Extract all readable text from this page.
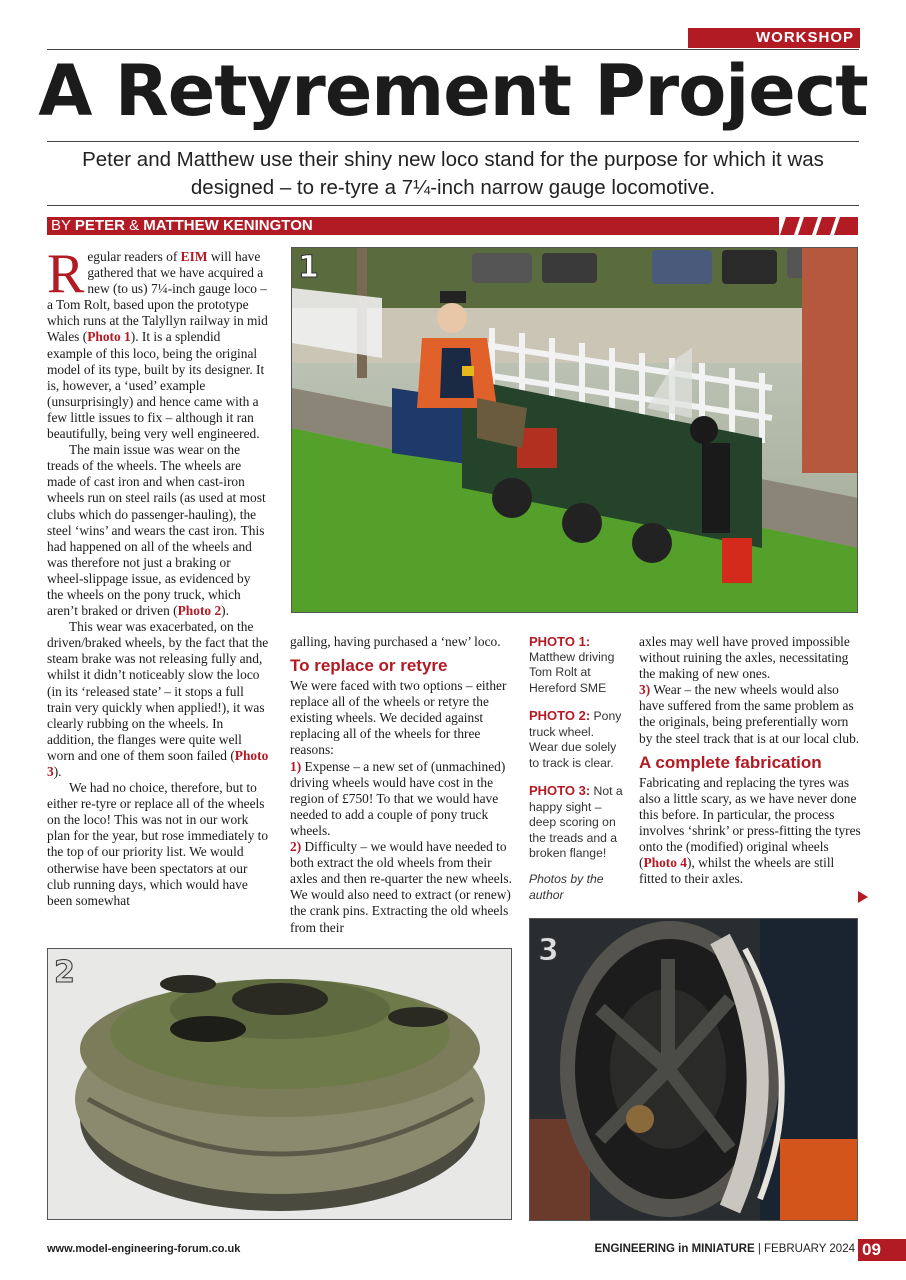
WORKSHOP
A Retyrement Project
Peter and Matthew use their shiny new loco stand for the purpose for which it was
designed – to re-tyre a 7¼-inch narrow gauge locomotive.
BY PETER & MATTHEW KENINGTON

Regular readers of EIM will have gathered that we have acquired a new (to us) 7¼-inch gauge loco – a Tom Rolt, based upon the prototype which runs at the Talyllyn railway in mid Wales (Photo 1). It is a splendid example of this loco, being the original model of its type, built by its designer. It is, however, a ‘used’ example (unsurprisingly) and hence came with a few little issues to fix – although it ran beautifully, being very well engineered.

The main issue was wear on the treads of the wheels. The wheels are made of cast iron and when cast-iron wheels run on steel rails (as used at most clubs which do passenger-hauling), the steel ‘wins’ and wears the cast iron. This had happened on all of the wheels and was therefore not just a braking or wheel-slippage issue, as evidenced by the wheels on the pony truck, which aren’t braked or driven (Photo 2).

This wear was exacerbated, on the driven/braked wheels, by the fact that the steam brake was not releasing fully and, whilst it didn’t noticeably slow the loco (in its ‘released state’ – it stops a full train very quickly when applied!), it was clearly rubbing on the wheels. In addition, the flanges were quite well worn and one of them soon failed (Photo 3).

We had no choice, therefore, but to either re-tyre or replace all of the wheels on the loco! This was not in our work plan for the year, but rose immediately to the top of our priority list. We would otherwise have been spectators at our club running days, which would have been somewhat

1

galling, having purchased a ‘new’ loco.

To replace or retyre

We were faced with two options – either replace all of the wheels or retyre the existing wheels. We decided against replacing all of the wheels for three reasons:

1) Expense – a new set of (unmachined) driving wheels would have cost in the region of £750! To that we would have needed to add a couple of pony truck wheels.

2) Difficulty – we would have needed to both extract the old wheels from their axles and then re-quarter the new wheels. We would also need to extract (or renew) the crank pins. Extracting the old wheels from their

PHOTO 1:
Matthew driving Tom Rolt at Hereford SME
PHOTO 2: Pony truck wheel. Wear due solely to track is clear.
PHOTO 3: Not a happy sight – deep scoring on the treads and a broken flange!
Photos by the author

axles may well have proved impossible without ruining the axles, necessitating the making of new ones.

3) Wear – the new wheels would also have suffered from the same problem as the originals, being preferentially worn by the steel track that is at our local club.

A complete fabrication

Fabricating and replacing the tyres was also a little scary, as we have never done this before. In particular, the process involves ‘shrink’ or press-fitting the tyres onto the (modified) original wheels (Photo 4), whilst the wheels are still fitted to their axles.

2
3
www.model-engineering-forum.co.uk	ENGINEERING in MINIATURE | FEBRUARY 2024 09
